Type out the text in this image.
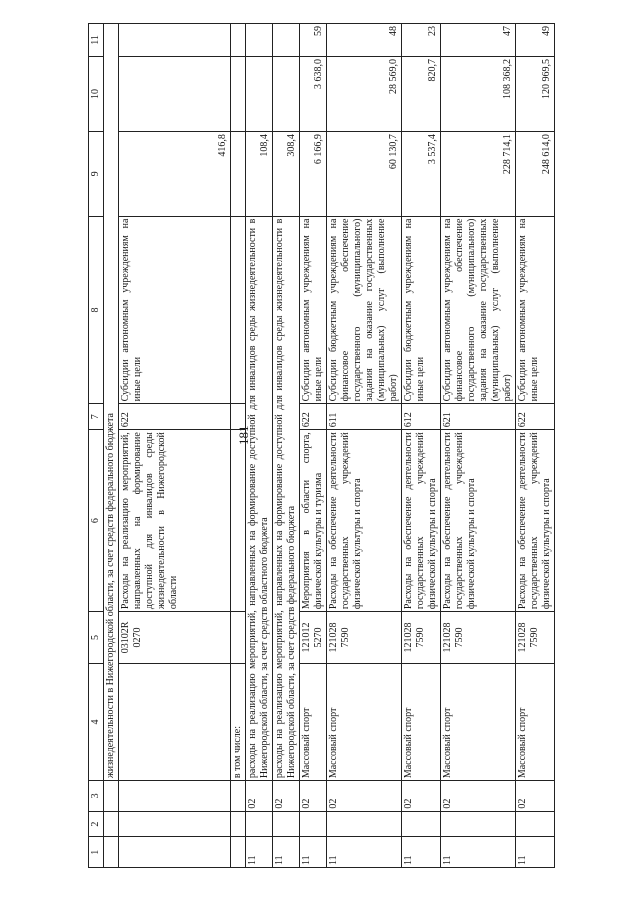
181
1	2	3	4	5	6	7	8	9	10	11
			жизнедеятельности в Нижегородской области, за счет средств федерального бюджета							
				03102R 0270	Расходы на реализацию мероприятий, направленных на формирование доступной для инвалидов среды жизнедеятельности в Нижегородской области	622	Субсидии автономным учреждениям на иные цели	416,8		
			в том числе:							
11		02	расходы на реализацию мероприятий, направленных на формирование доступной для инвалидов среды жизнедеятельности в Нижегородской области, за счет средств областного бюджета					108,4		
11		02	расходы на реализацию мероприятий, направленных на формирование доступной для инвалидов среды жизнедеятельности в Нижегородской области, за счет средств федерального бюджета					308,4		
11		02	Массовый спорт	121012 5270	Мероприятия в области спорта, физической культуры и туризма	622	Субсидии автономным учреждениям на иные цели	6 166,9	3 638,0	59
11		02	Массовый спорт	121028 7590	Расходы на обеспечение деятельности государственных учреждений физической культуры и спорта	611	Субсидии бюджетным учреждениям на финансовое обеспечение государственного (муниципального) задания на оказание государственных (муниципальных) услуг (выполнение работ)	60 130,7	28 569,0	48
11		02	Массовый спорт	121028 7590	Расходы на обеспечение деятельности государственных учреждений физической культуры и спорта	612	Субсидии бюджетным учреждениям на иные цели	3 537,4	820,7	23
11		02	Массовый спорт	121028 7590	Расходы на обеспечение деятельности государственных учреждений физической культуры и спорта	621	Субсидии автономным учреждениям на финансовое обеспечение государственного (муниципального) задания на оказание государственных (муниципальных) услуг (выполнение работ)	228 714,1	108 368,2	47
11		02	Массовый спорт	121028 7590	Расходы на обеспечение деятельности государственных учреждений физической культуры и спорта	622	Субсидии автономным учреждениям на иные цели	248 614,0	120 969,5	49
